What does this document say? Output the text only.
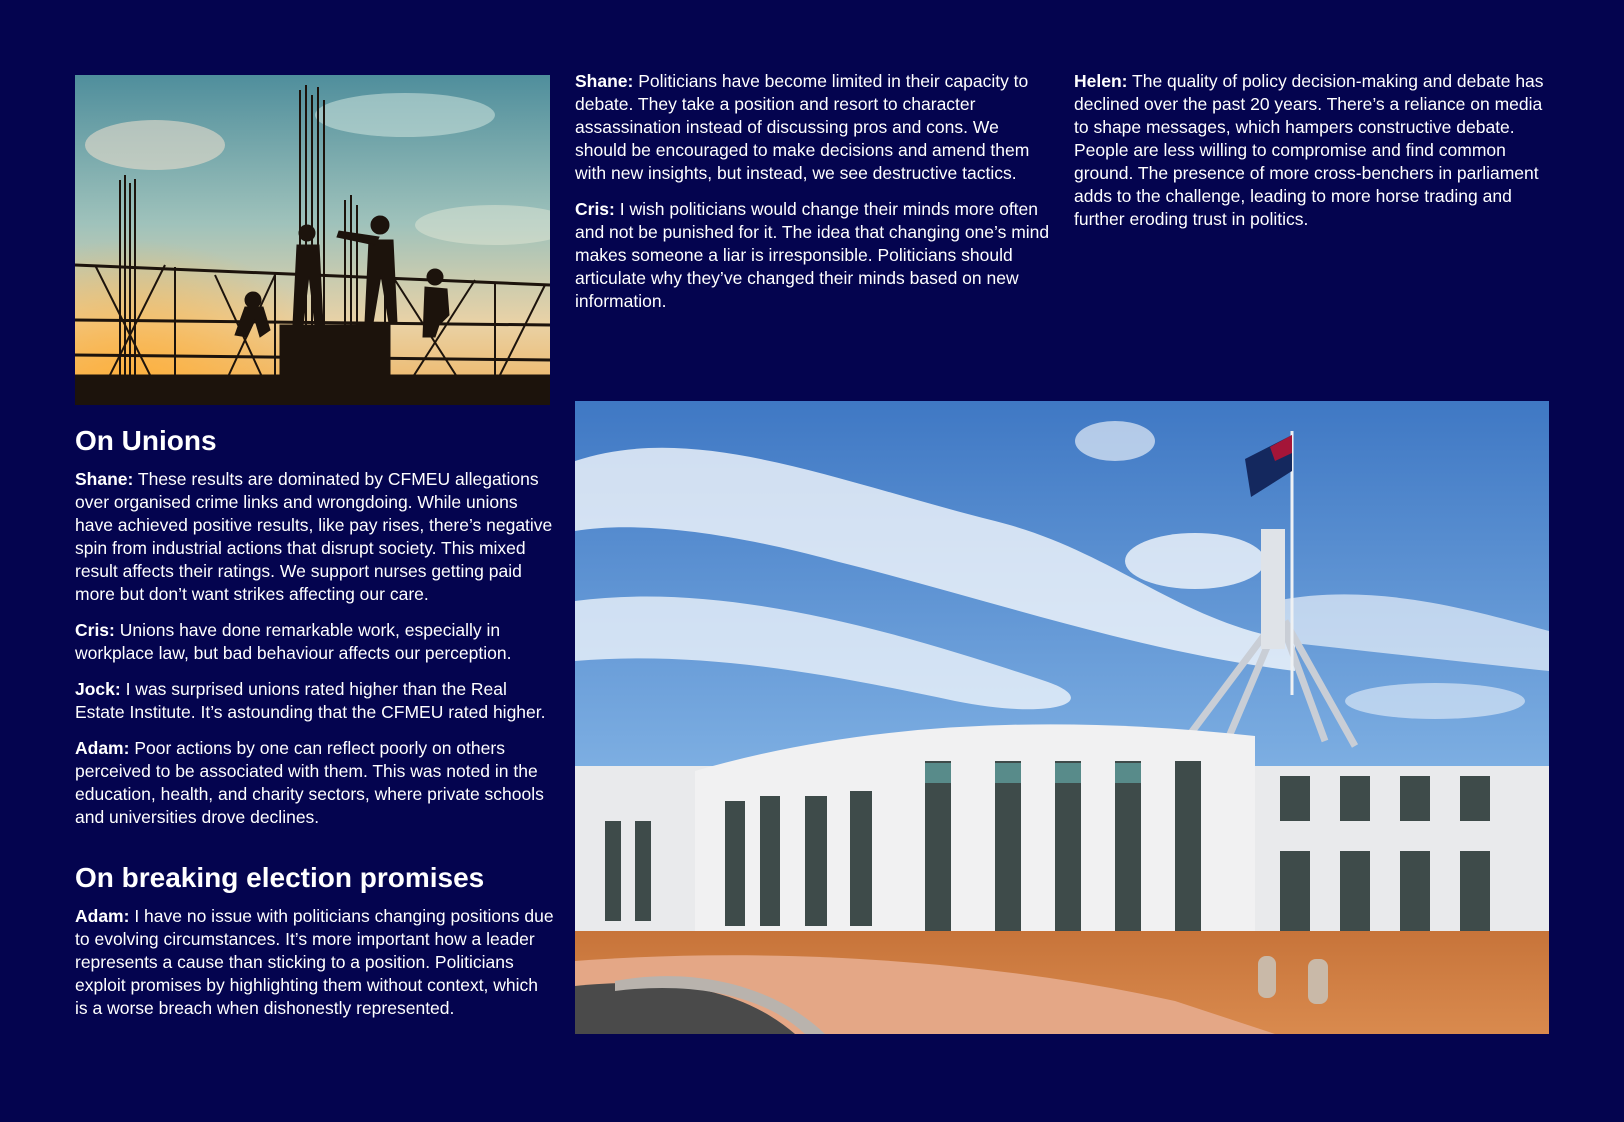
Shane: Politicians have become limited in their capacity to debate. They take a position and resort to character assassination instead of discussing pros and cons. We should be encouraged to make decisions and amend them with new insights, but instead, we see destructive tactics.

Cris: I wish politicians would change their minds more often and not be punished for it. The idea that changing one’s mind makes someone a liar is irresponsible. Politicians should articulate why they’ve changed their minds based on new information.

Helen: The quality of policy decision-making and debate has declined over the past 20 years. There’s a reliance on media to shape messages, which hampers constructive debate. People are less willing to compromise and find common ground. The presence of more cross-benchers in parliament adds to the challenge, leading to more horse trading and further eroding trust in politics.

On Unions

Shane: These results are dominated by CFMEU allegations over organised crime links and wrongdoing. While unions have achieved positive results, like pay rises, there’s negative spin from industrial actions that disrupt society. This mixed result affects their ratings. We support nurses getting paid more but don’t want strikes affecting our care.

Cris: Unions have done remarkable work, especially in workplace law, but bad behaviour affects our perception.

Jock: I was surprised unions rated higher than the Real Estate Institute. It’s astounding that the CFMEU rated higher.

Adam: Poor actions by one can reflect poorly on others perceived to be associated with them. This was noted in the education, health, and charity sectors, where private schools and universities drove declines.

On breaking election promises

Adam: I have no issue with politicians changing positions due to evolving circumstances. It’s more important how a leader represents a cause than sticking to a position. Politicians exploit promises by highlighting them without context, which is a worse breach when dishonestly represented.
